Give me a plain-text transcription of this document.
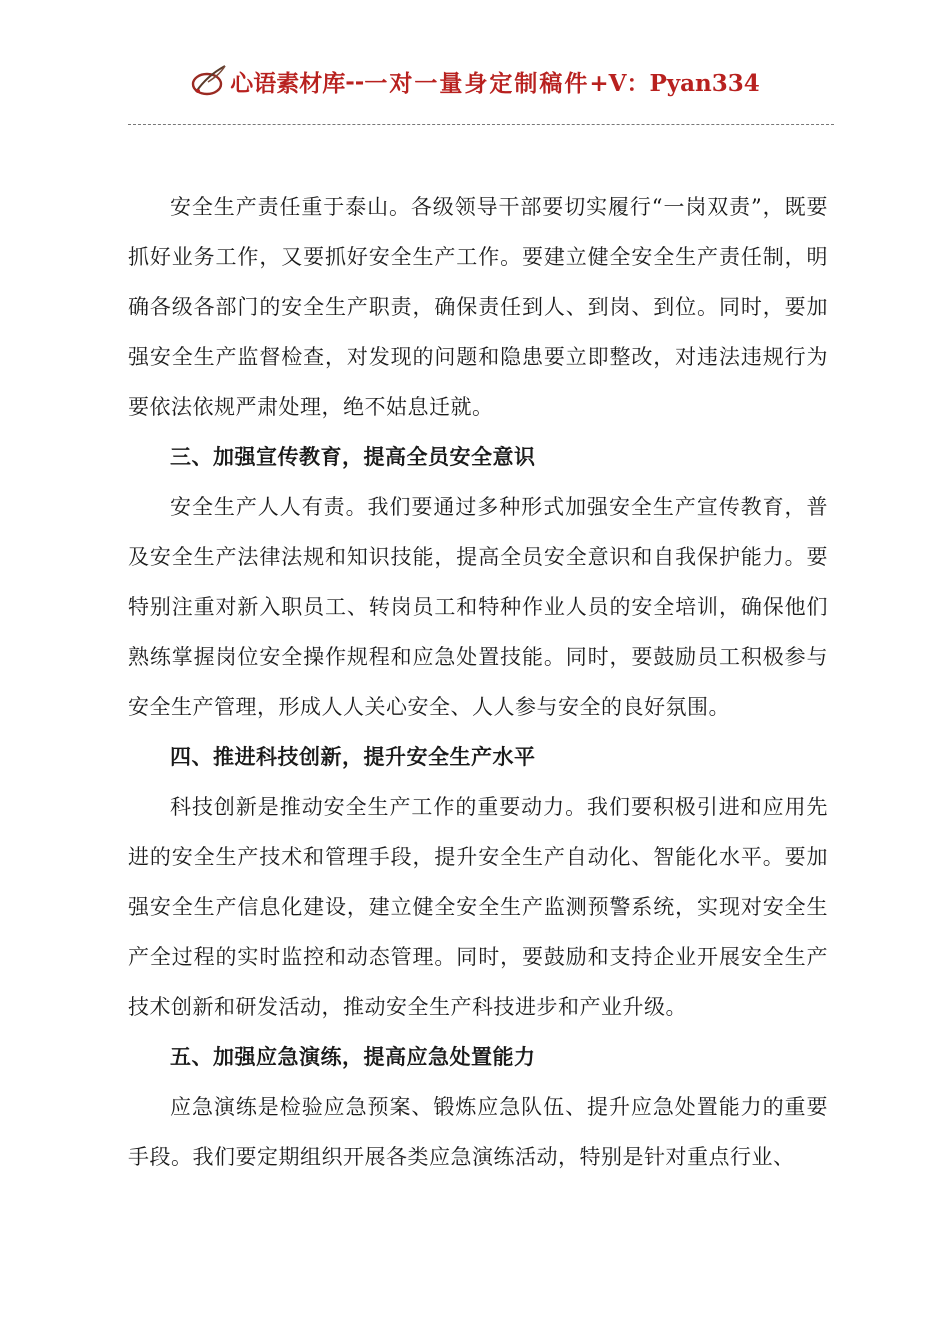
心语素材库--一对一量身定制稿件+V：Pyan334

安全生产责任重于泰山。各级领导干部要切实履行“一岗双责”，既要抓好业务工作，又要抓好安全生产工作。要建立健全安全生产责任制，明确各级各部门的安全生产职责，确保责任到人、到岗、到位。同时，要加强安全生产监督检查，对发现的问题和隐患要立即整改，对违法违规行为要依法依规严肃处理，绝不姑息迁就。

三、加强宣传教育，提高全员安全意识

安全生产人人有责。我们要通过多种形式加强安全生产宣传教育，普及安全生产法律法规和知识技能，提高全员安全意识和自我保护能力。要特别注重对新入职员工、转岗员工和特种作业人员的安全培训，确保他们熟练掌握岗位安全操作规程和应急处置技能。同时，要鼓励员工积极参与安全生产管理，形成人人关心安全、人人参与安全的良好氛围。

四、推进科技创新，提升安全生产水平

科技创新是推动安全生产工作的重要动力。我们要积极引进和应用先进的安全生产技术和管理手段，提升安全生产自动化、智能化水平。要加强安全生产信息化建设，建立健全安全生产监测预警系统，实现对安全生产全过程的实时监控和动态管理。同时，要鼓励和支持企业开展安全生产技术创新和研发活动，推动安全生产科技进步和产业升级。

五、加强应急演练，提高应急处置能力

应急演练是检验应急预案、锻炼应急队伍、提升应急处置能力的重要手段。我们要定期组织开展各类应急演练活动，特别是针对重点行业、
